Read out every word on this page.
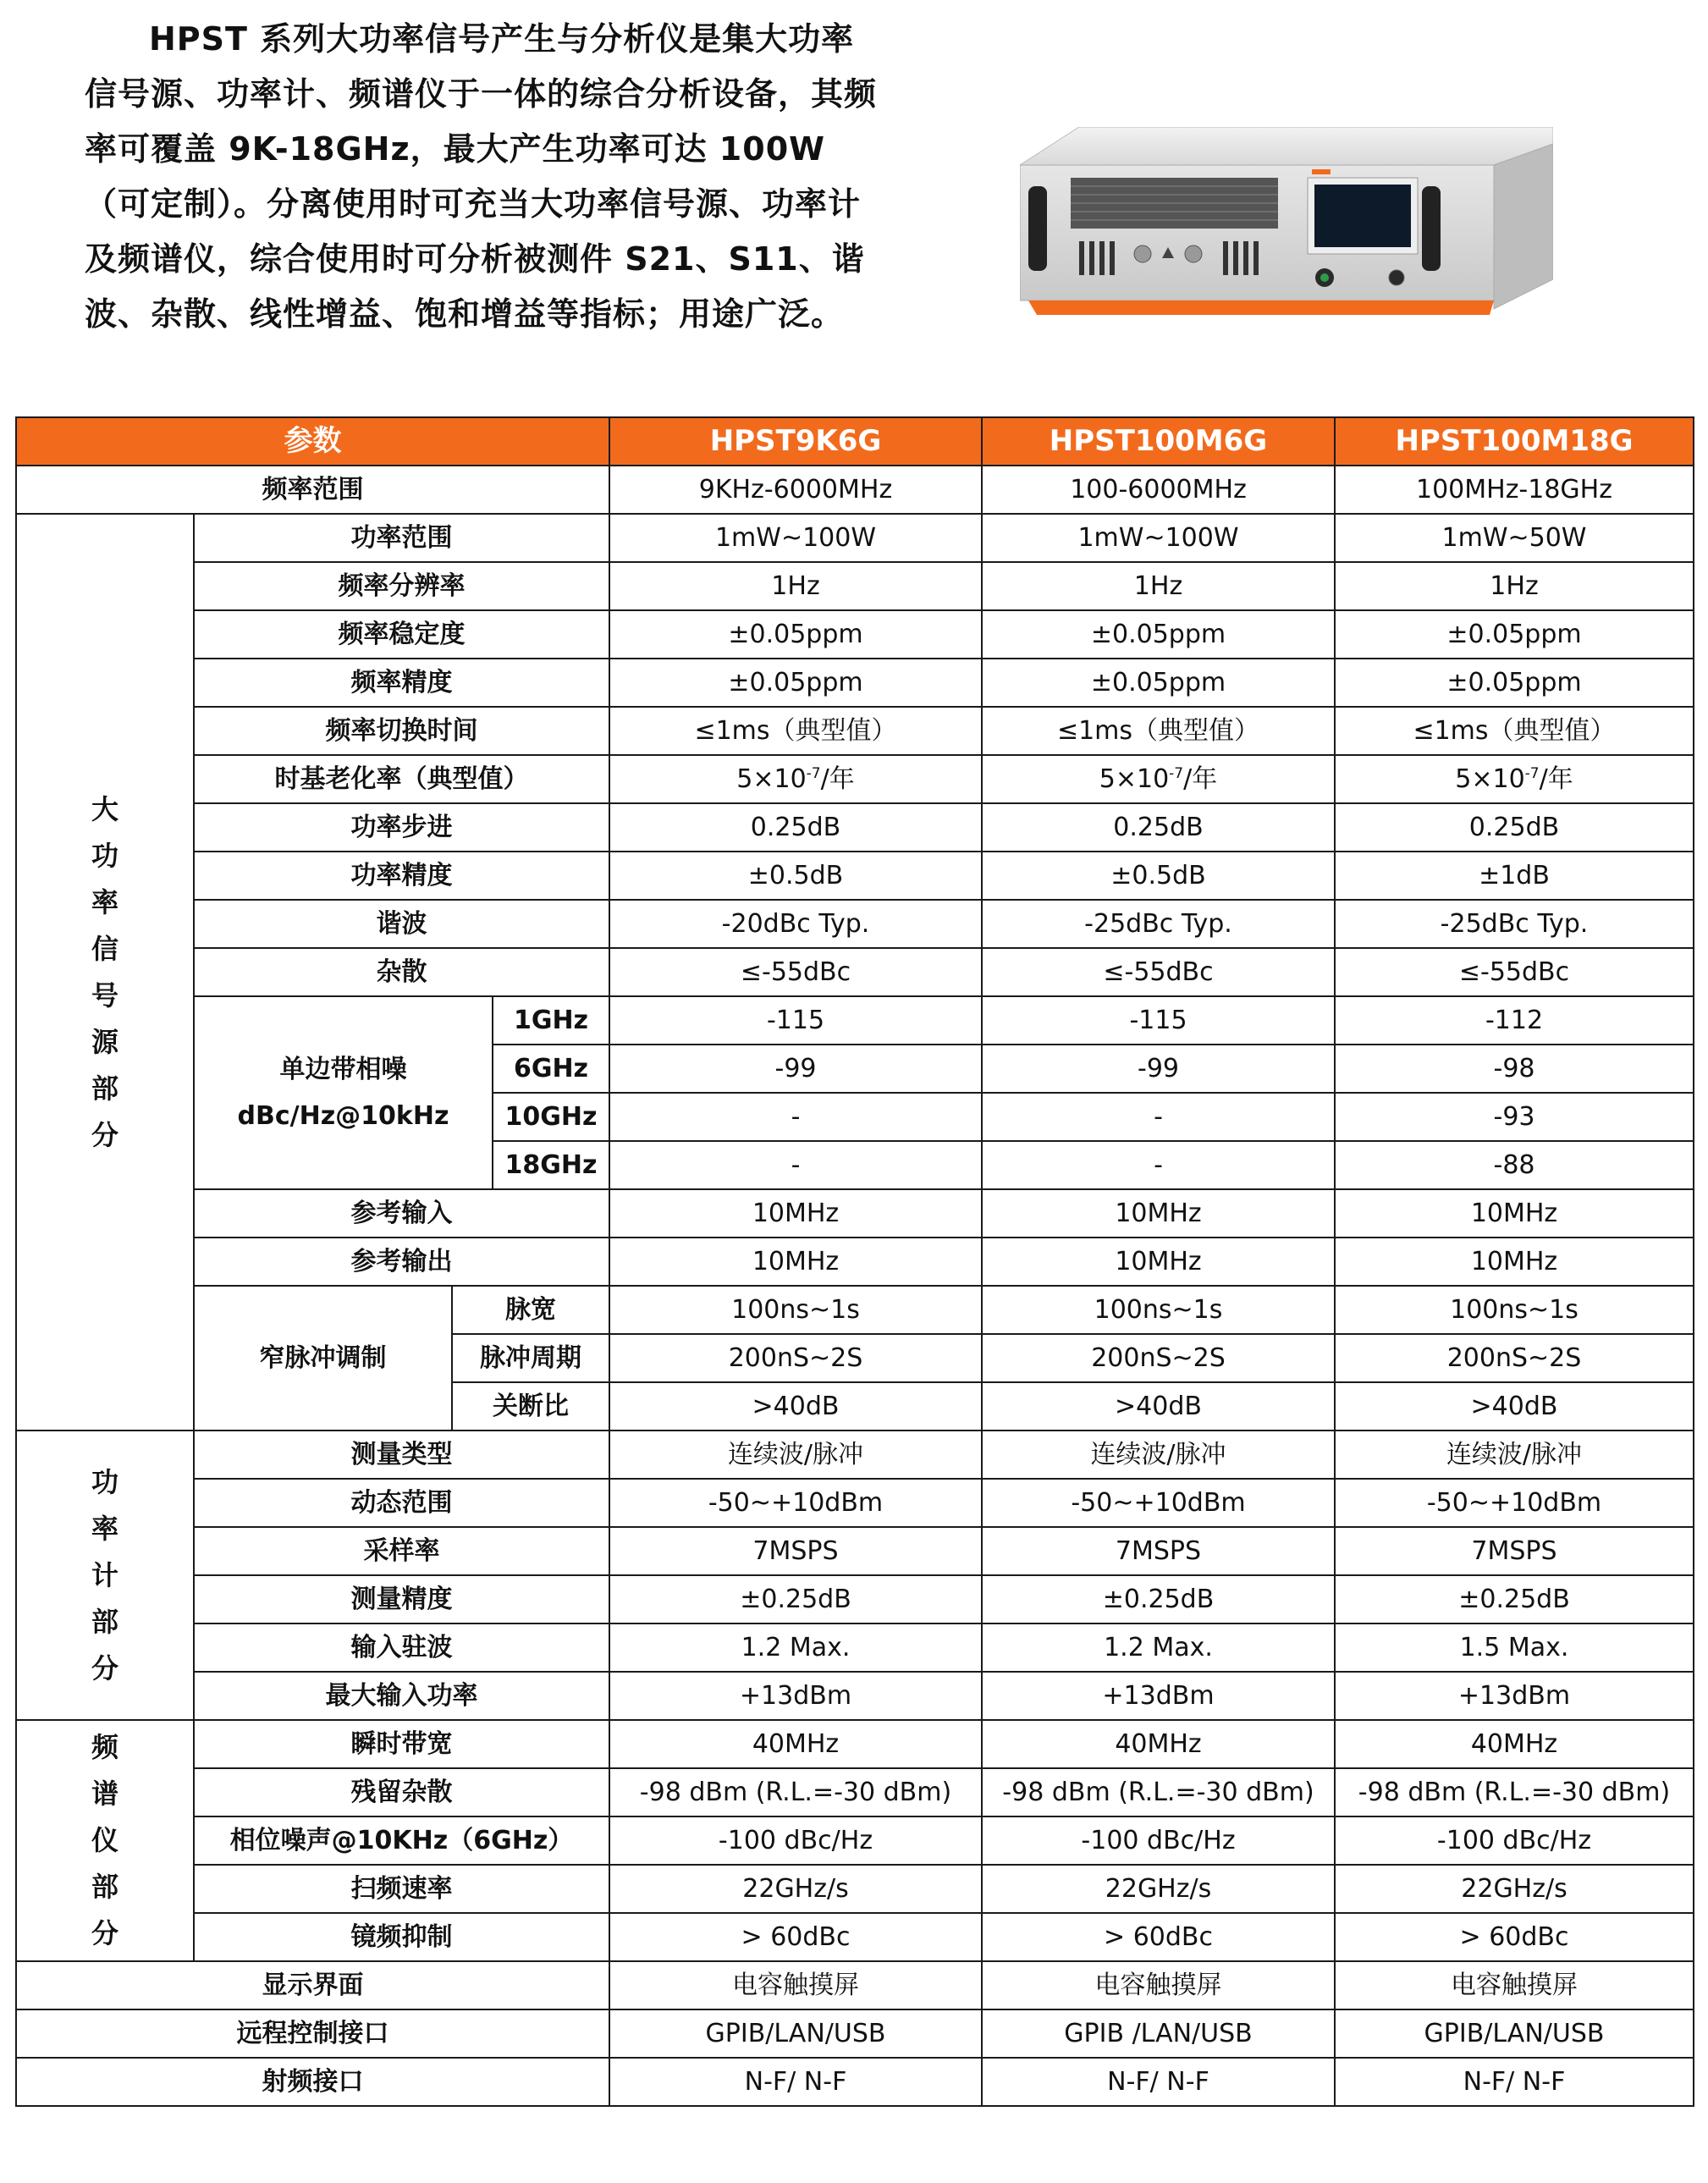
HPST 系列大功率信号产生与分析仪是集大功率信号源、功率计、频谱仪于一体的综合分析设备，其频率可覆盖 9K-18GHz，最大产生功率可达 100W（可定制）。分离使用时可充当大功率信号源、功率计及频谱仪，综合使用时可分析被测件 S21、S11、谐波、杂散、线性增益、饱和增益等指标；用途广泛。

参数				HPST9K6G	HPST100M6G	HPST100M18G
频率范围				9KHz-6000MHz	100-6000MHz	100MHz-18GHz

大功率信号源部分	功率范围			1mW~100W	1mW~100W	1mW~50W
	频率分辨率			1Hz	1Hz	1Hz
	频率稳定度			±0.05ppm	±0.05ppm	±0.05ppm
	频率精度			±0.05ppm	±0.05ppm	±0.05ppm
	频率切换时间			≤1ms（典型值）	≤1ms（典型值）	≤1ms（典型值）
	时基老化率（典型值）			$5\times 10^{-7}/$年	$5\times 10^{-7}/$年	$5\times 10^{-7}/$年
	功率步进			0.25dB	0.25dB	0.25dB
	功率精度			±0.5dB	±0.5dB	±1dB
	谐波			-20dBc Typ.	-25dBc Typ.	-25dBc Typ.
	杂散			≤-55dBc	≤-55dBc	≤-55dBc

	单边带相噪
dBc/Hz@10kHz		1GHz	-115	-115	-112
			6GHz	-99	-99	-98
			10GHz	-	-	-93
			18GHz	-	-	-88
	参考输入			10MHz	10MHz	10MHz
	参考输出			10MHz	10MHz	10MHz
	窄脉冲调制	脉宽		100ns~1s	100ns~1s	100ns~1s
		脉冲周期		200nS~2S	200nS~2S	200nS~2S
		关断比		>40dB	>40dB	>40dB

功率计部分	测量类型			连续波/脉冲	连续波/脉冲	连续波/脉冲
	动态范围			-50~+10dBm	-50~+10dBm	-50~+10dBm
	采样率			7MSPS	7MSPS	7MSPS
	测量精度			±0.25dB	±0.25dB	±0.25dB
	输入驻波			1.2 Max.	1.2 Max.	1.5 Max.
	最大输入功率			+13dBm	+13dBm	+13dBm

频谱仪部分	瞬时带宽			40MHz	40MHz	40MHz
	残留杂散			-98 dBm (R.L.=-30 dBm)	-98 dBm (R.L.=-30 dBm)	-98 dBm (R.L.=-30 dBm)
	相位噪声@10KHz（6GHz）			-100 dBc/Hz	-100 dBc/Hz	-100 dBc/Hz
	扫频速率			22GHz/s	22GHz/s	22GHz/s
	镜频抑制			> 60dBc	> 60dBc	> 60dBc
显示界面				电容触摸屏	电容触摸屏	电容触摸屏
远程控制接口				GPIB/LAN/USB	GPIB /LAN/USB	GPIB/LAN/USB
射频接口				N-F/ N-F	N-F/ N-F	N-F/ N-F
